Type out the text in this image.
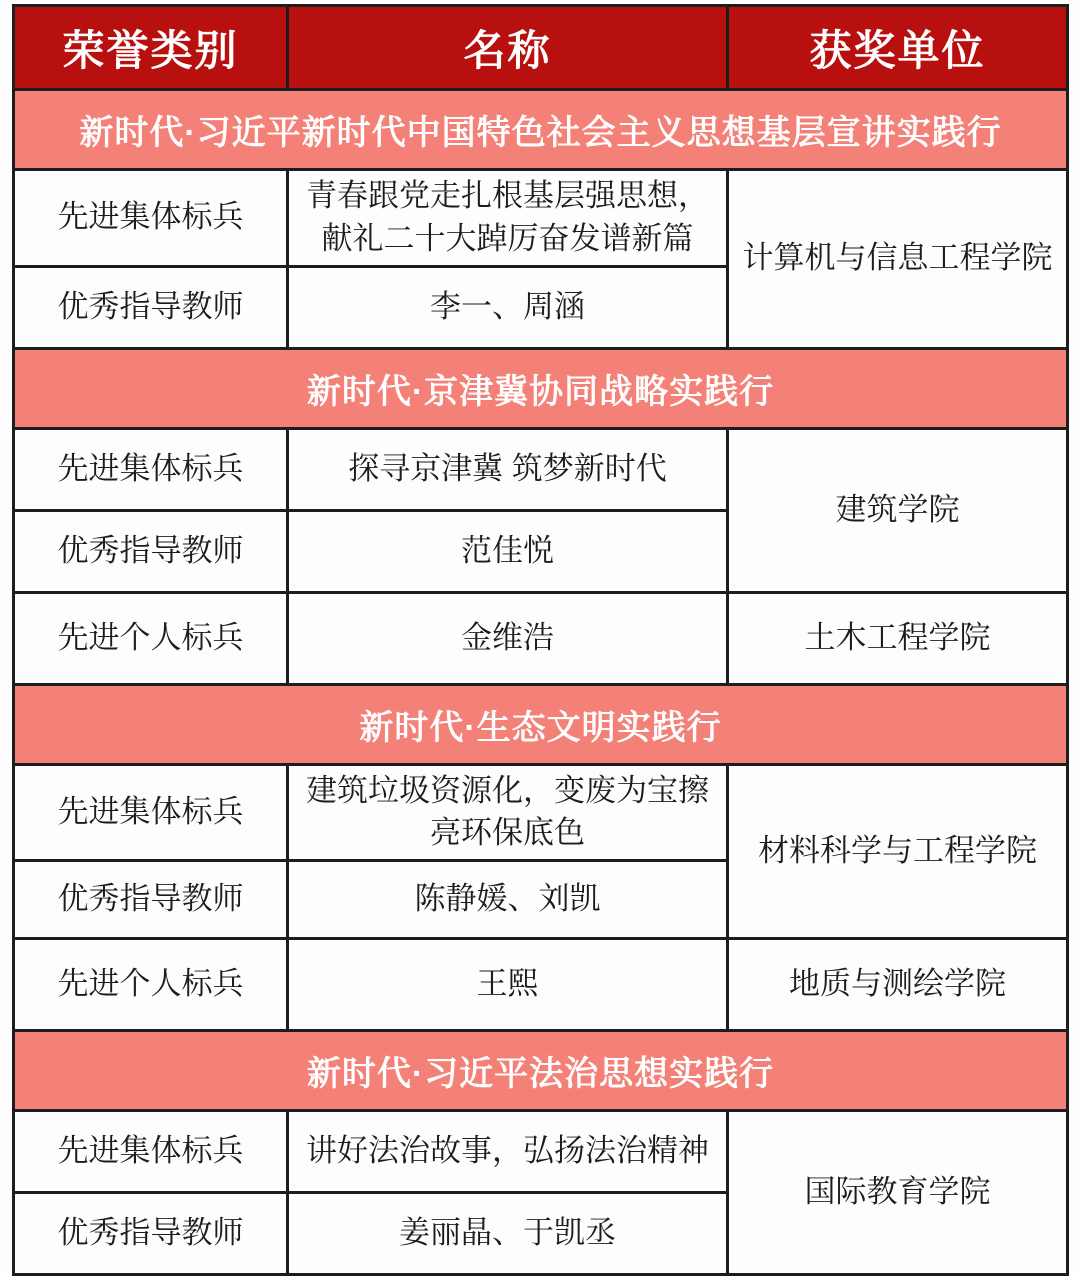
荣誉类别	名称	获奖单位
新时代·习近平新时代中国特色社会主义思想基层宣讲实践行		
先进集体标兵	青春跟党走扎根基层强思想，献礼二十大踔厉奋发谱新篇	计算机与信息工程学院
优秀指导教师	李一、周涵	
新时代·京津冀协同战略实践行		
先进集体标兵	探寻京津冀 筑梦新时代	建筑学院
优秀指导教师	范佳悦	
先进个人标兵	金维浩	土木工程学院
新时代·生态文明实践行		
先进集体标兵	建筑垃圾资源化，变废为宝擦亮环保底色	材料科学与工程学院
优秀指导教师	陈静媛、刘凯	
先进个人标兵	王熙	地质与测绘学院
新时代·习近平法治思想实践行		
先进集体标兵	讲好法治故事，弘扬法治精神	国际教育学院
优秀指导教师	姜丽晶、于凯丞	
